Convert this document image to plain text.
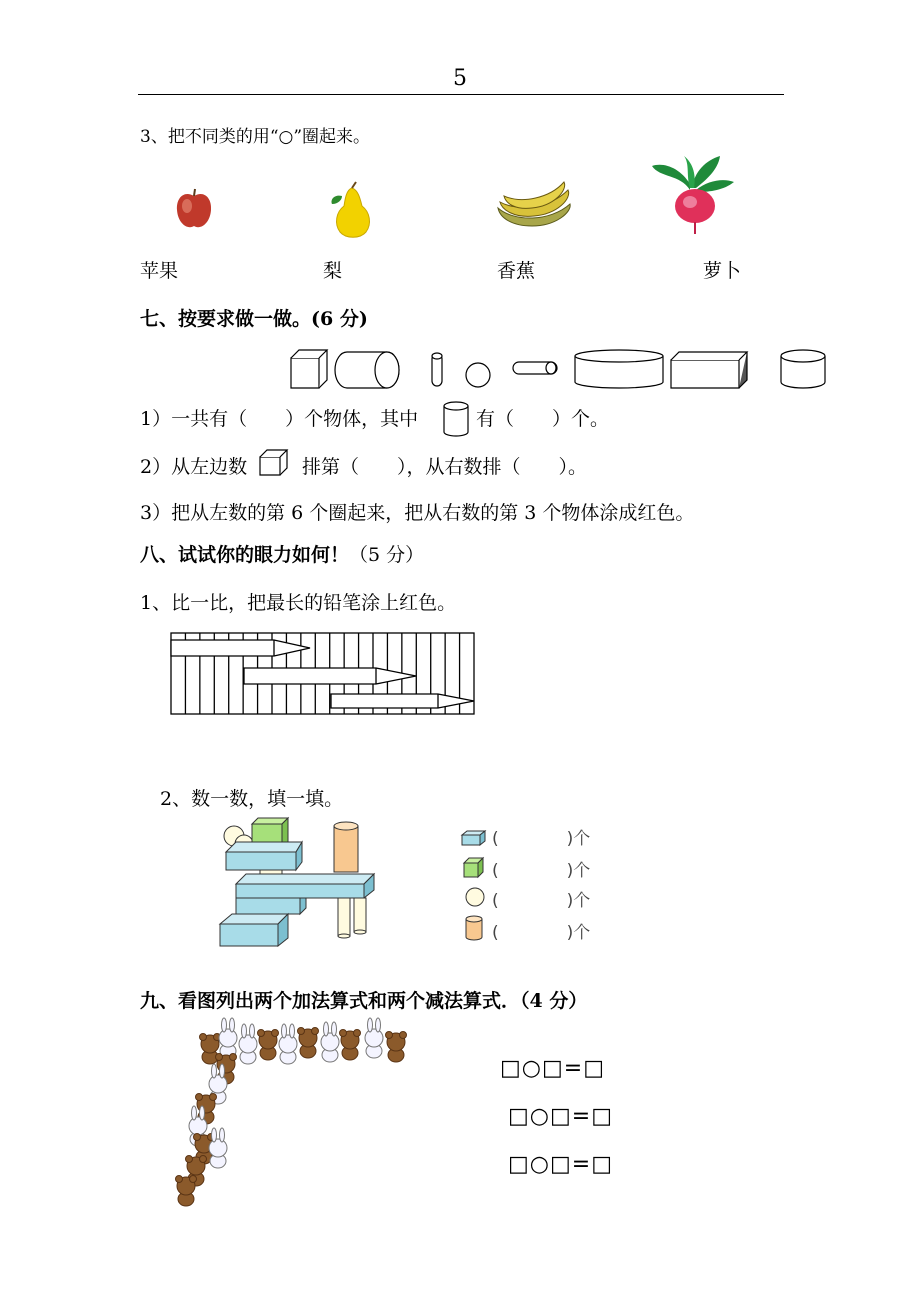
5
3、把不同类的用“○”圈起来。
苹果	梨	香蕉	萝卜
七、按要求做一做。(6 分)
1）一共有（　　）个物体，其中	有（　　）个。
2）从左边数	排第（　　），从右数排（　　）。
3）把从左数的第 6 个圈起来，把从右数的第 3 个物体涂成红色。
八、试试你的眼力如何！（5 分）
1、比一比，把最长的铅笔涂上红色。
2、数一数，填一填。
(　　　　)个
(　　　　)个
(　　　　)个
(　　　　)个
九、看图列出两个加法算式和两个减法算式．（4 分）
□○□=□
□○□=□
□○□=□
